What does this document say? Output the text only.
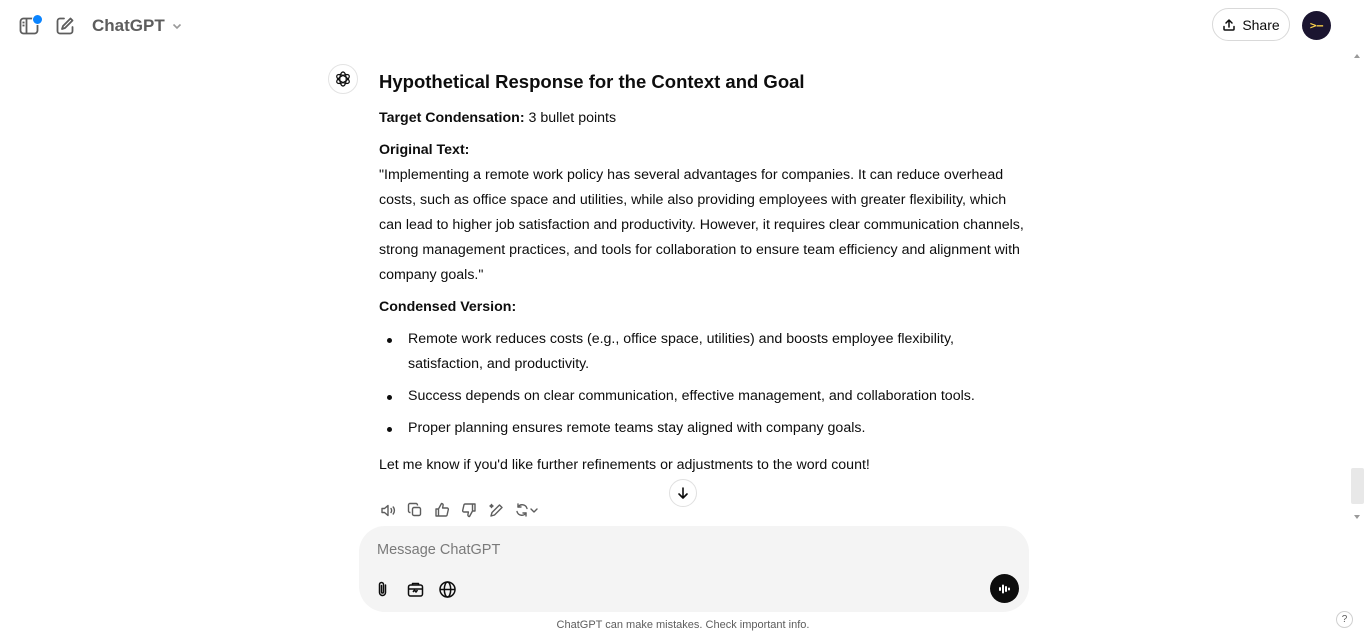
ChatGPT	Share	>—
Hypothetical Response for the Context and Goal

Target Condensation: 3 bullet points

Original Text:

"Implementing a remote work policy has several advantages for companies. It can reduce overhead costs, such as office space and utilities, while also providing employees with greater flexibility, which can lead to higher job satisfaction and productivity. However, it requires clear communication channels, strong management practices, and tools for collaboration to ensure team efficiency and alignment with company goals."

Condensed Version:

Remote work reduces costs (e.g., office space, utilities) and boosts employee flexibility, satisfaction, and productivity.
Success depends on clear communication, effective management, and collaboration tools.
Proper planning ensures remote teams stay aligned with company goals.

Let me know if you'd like further refinements or adjustments to the word count!

Message ChatGPT
ChatGPT can make mistakes. Check important info.	?
